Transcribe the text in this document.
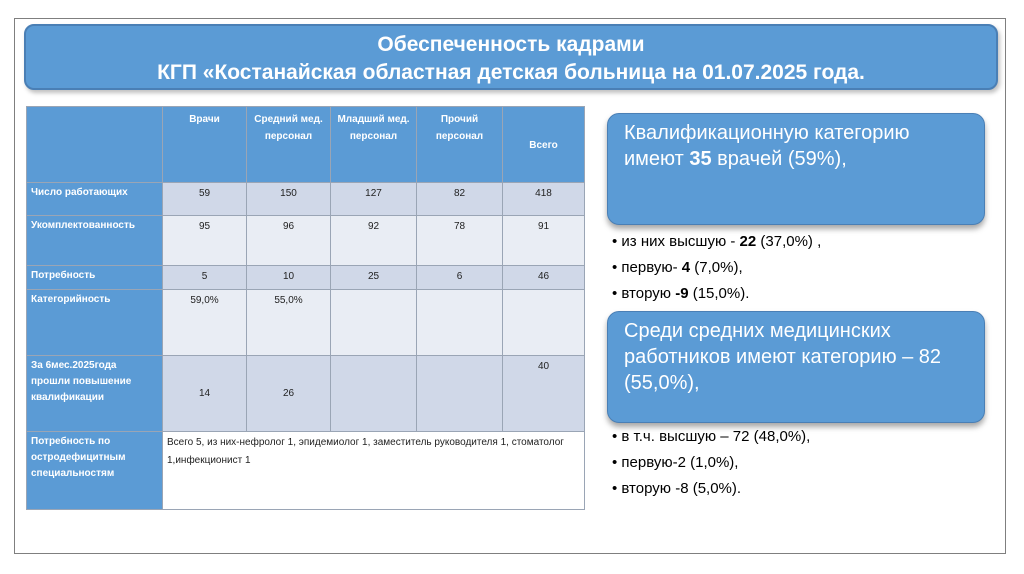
Обеспеченность кадрами
КГП «Костанайская областная детская больница на 01.07.2025 года.
	Врачи	Средний мед. персонал	Младший мед. персонал	Прочий персонал	Всего
Число работающих	59	150	127	82	418
Укомплектованность	95	96	92	78	91
Потребность	5	10	25	6	46
Категорийность	59,0%	55,0%			
За 6мес.2025года прошли повышение квалификации	14	26			40
Потребность по остродефицитным специальностям	Всего 5, из них-нефролог 1, эпидемиолог 1, заместитель руководителя 1, стоматолог 1,инфекционист 1				
Квалификационную категорию имеют 35 врачей (59%),
• из них высшую - 22 (37,0%) ,
• первую- 4 (7,0%),
• вторую -9 (15,0%).
Среди средних медицинских работников имеют категорию – 82 (55,0%),
• в т.ч. высшую – 72 (48,0%),
• первую-2 (1,0%),
• вторую -8 (5,0%).
